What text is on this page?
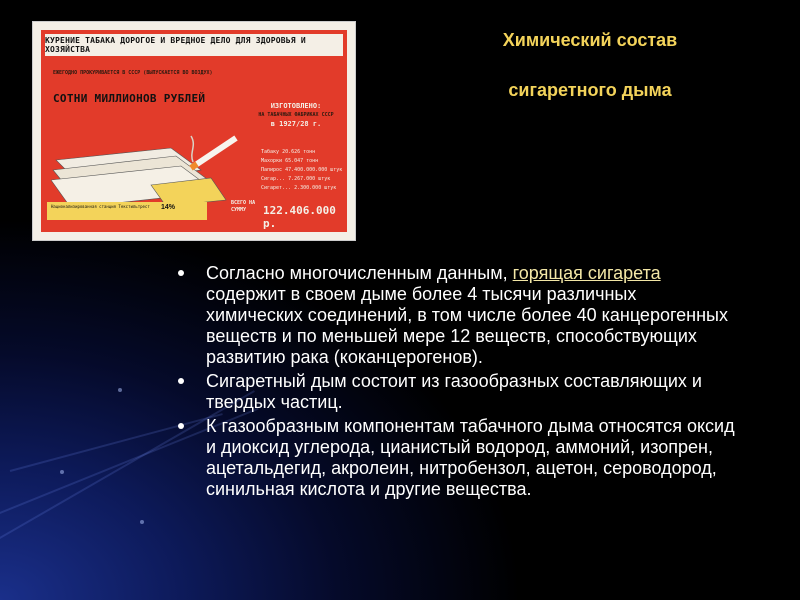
КУРЕНИЕ ТАБАКА ДОРОГОЕ И ВРЕДНОЕ ДЕЛО ДЛЯ ЗДОРОВЬЯ И ХОЗЯЙСТВА
ЕЖЕГОДНО ПРОКУРИВАЕТСЯ В СССР (ВЫПУСКАЕТСЯ ВО ВОЗДУХ)
СОТНИ МИЛЛИОНОВ РУБЛЕЙ
ИЗГОТОВЛЕНО:
НА ТАБАЧНЫХ ФАБРИКАХ СССР
в 1927/28 г.
Табаку 20.626 тонн
Махорки 65.047 тонн
Папирос 47.400.000.000 штук
Сигар... 7.267.000 штук
Сигарет... 2.300.000 штук
Национализированная станция Текстильтрест	14%
ВСЕГО НА СУММУ	122.406.000 р.
Химический состав
сигаретного дыма
Согласно многочисленным данным, горящая сигарета содержит в своем дыме более 4 тысячи различных химических соединений, в том числе более 40 канцерогенных веществ и по меньшей мере 12 веществ, способствующих развитию рака (коканцерогенов).
Сигаретный дым состоит из газообразных составляющих и твердых частиц.
К газообразным компонентам табачного дыма относятся оксид и диоксид углерода, цианистый водород, аммоний, изопрен, ацетальдегид, акролеин, нитробензол, ацетон, сероводород, синильная кислота и другие вещества.
